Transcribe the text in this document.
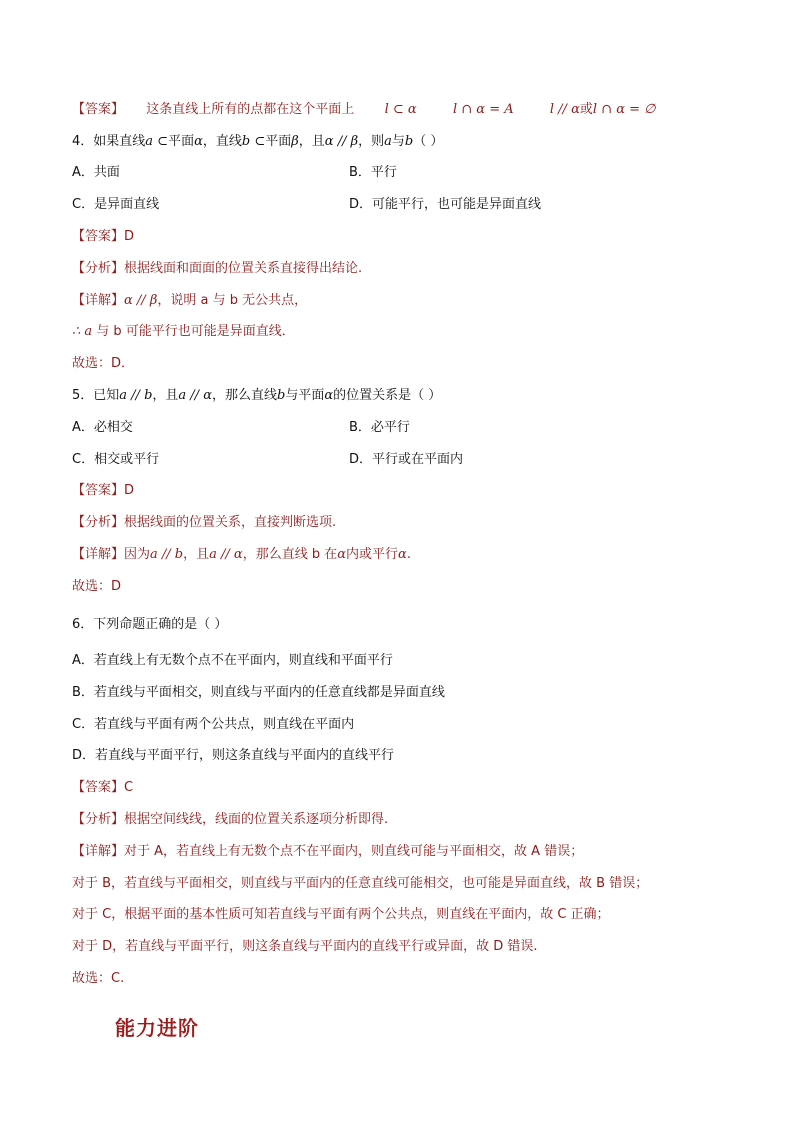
【答案】 这条直线上所有的点都在这个平面上 l ⊂ α	l ∩ α = A	l // α或l ∩ α = ∅
4．如果直线a ⊂平面α，直线b ⊂平面β，且α // β，则a与b（ ）
A．共面	B．平行
C．是异面直线	D．可能平行，也可能是异面直线
【答案】D
【分析】根据线面和面面的位置关系直接得出结论.
【详解】α // β，说明 a 与 b 无公共点，
∴ a 与 b 可能平行也可能是异面直线．
故选：D．
5．已知a // b，且a // α，那么直线b与平面α的位置关系是（ ）
A．必相交	B．必平行
C．相交或平行	D．平行或在平面内
【答案】D
【分析】根据线面的位置关系，直接判断选项.
【详解】因为a // b，且a // α，那么直线 b 在α内或平行α.
故选：D
6．下列命题正确的是（ ）
A．若直线上有无数个点不在平面内，则直线和平面平行
B．若直线与平面相交，则直线与平面内的任意直线都是异面直线
C．若直线与平面有两个公共点，则直线在平面内
D．若直线与平面平行，则这条直线与平面内的直线平行
【答案】C
【分析】根据空间线线，线面的位置关系逐项分析即得.
【详解】对于 A，若直线上有无数个点不在平面内，则直线可能与平面相交，故 A 错误；
对于 B，若直线与平面相交，则直线与平面内的任意直线可能相交，也可能是异面直线，故 B 错误；
对于 C，根据平面的基本性质可知若直线与平面有两个公共点，则直线在平面内，故 C 正确；
对于 D，若直线与平面平行，则这条直线与平面内的直线平行或异面，故 D 错误.
故选：C.
能力进阶
